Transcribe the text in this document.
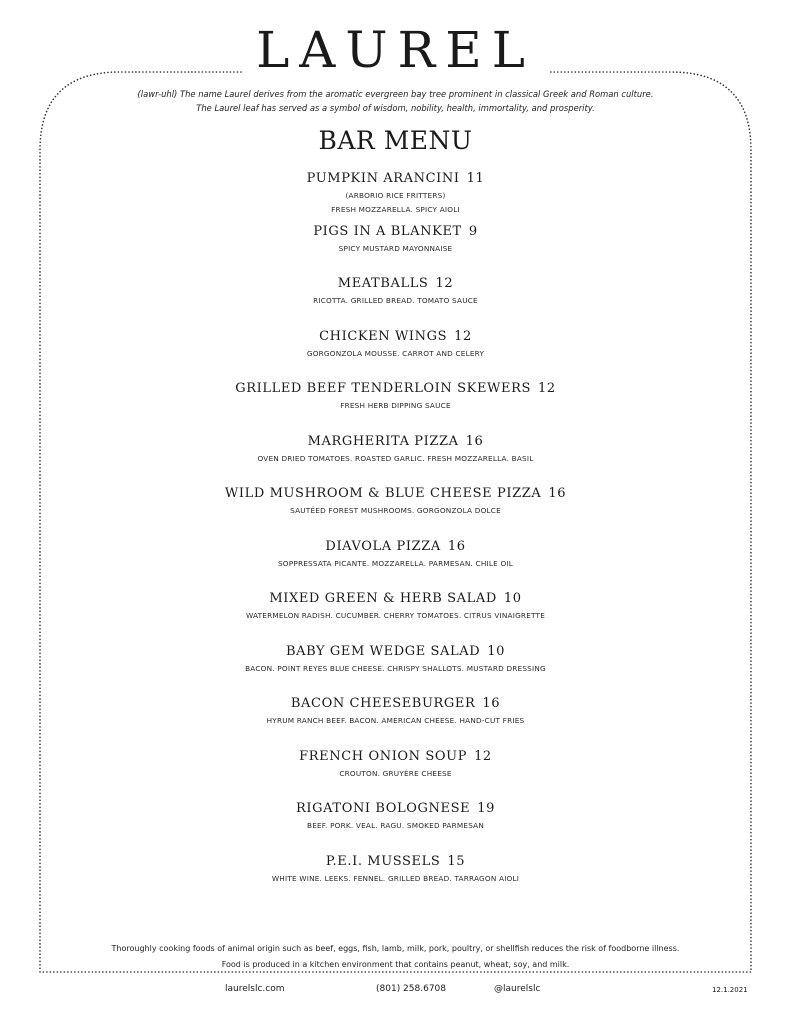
LAUREL
(lawr-uhl) The name Laurel derives from the aromatic evergreen bay tree prominent in classical Greek and Roman culture.
The Laurel leaf has served as a symbol of wisdom, nobility, health, immortality, and prosperity.
BAR MENU
PUMPKIN ARANCINI 11
(ARBORIO RICE FRITTERS)
FRESH MOZZARELLA. SPICY AIOLI
PIGS IN A BLANKET 9
SPICY MUSTARD MAYONNAISE
MEATBALLS 12
RICOTTA. GRILLED BREAD. TOMATO SAUCE
CHICKEN WINGS 12
GORGONZOLA MOUSSE. CARROT AND CELERY
GRILLED BEEF TENDERLOIN SKEWERS 12
FRESH HERB DIPPING SAUCE
MARGHERITA PIZZA 16
OVEN DRIED TOMATOES. ROASTED GARLIC. FRESH MOZZARELLA. BASIL
WILD MUSHROOM & BLUE CHEESE PIZZA 16
SAUTÉED FOREST MUSHROOMS. GORGONZOLA DOLCE
DIAVOLA PIZZA 16
SOPPRESSATA PICANTE. MOZZARELLA. PARMESAN. CHILE OIL
MIXED GREEN & HERB SALAD 10
WATERMELON RADISH. CUCUMBER. CHERRY TOMATOES. CITRUS VINAIGRETTE
BABY GEM WEDGE SALAD 10
BACON. POINT REYES BLUE CHEESE. CHRISPY SHALLOTS. MUSTARD DRESSING
BACON CHEESEBURGER 16
HYRUM RANCH BEEF. BACON. AMERICAN CHEESE. HAND-CUT FRIES
FRENCH ONION SOUP 12
CROUTON. GRUYÈRE CHEESE
RIGATONI BOLOGNESE 19
BEEF. PORK. VEAL. RAGU. SMOKED PARMESAN
P.E.I. MUSSELS 15
WHITE WINE. LEEKS. FENNEL. GRILLED BREAD. TARRAGON AIOLI
Thoroughly cooking foods of animal origin such as beef, eggs, fish, lamb, milk, pork, poultry, or shellfish reduces the risk of foodborne illness.
Food is produced in a kitchen environment that contains peanut, wheat, soy, and milk.
laurelslc.com	(801) 258.6708	@laurelslc	12.1.2021
